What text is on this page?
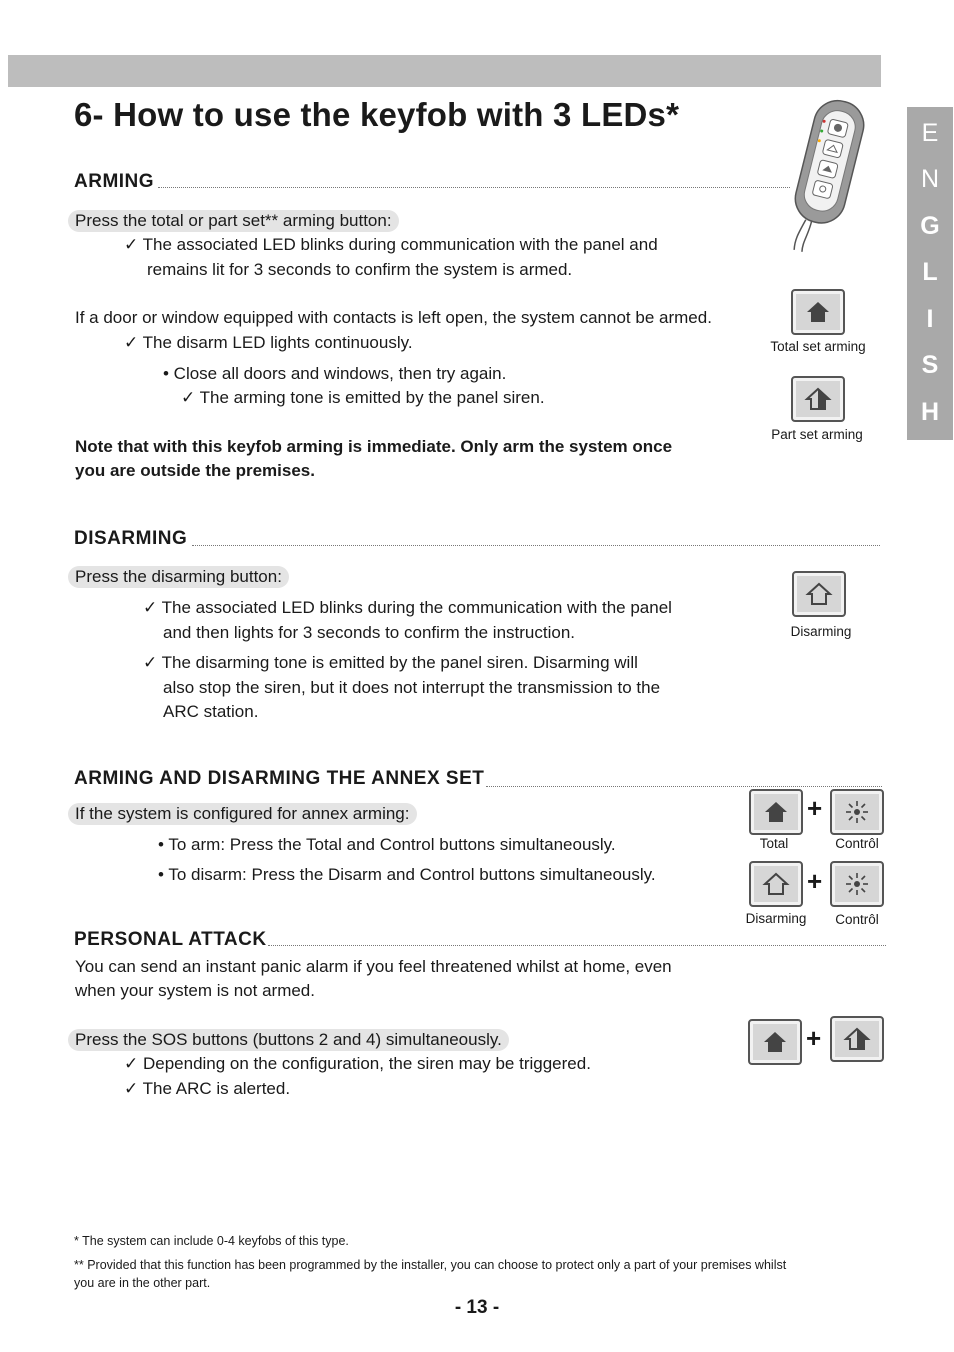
6- How to use the keyfob with 3 LEDs*	E
N
G
L
I
S
H
ARMING
Press the total or part set** arming button:
✓ The associated LED blinks during communication with the panel and
remains lit for 3 seconds to confirm the system is armed.
If a door or window equipped with contacts is left open, the system cannot be armed.
✓ The disarm LED lights continuously.
• Close all doors and windows, then try again.
✓ The arming tone is emitted by the panel siren.
Note that with this keyfob arming is immediate. Only arm the system once
you are outside the premises.
Total set arming
Part set arming
DISARMING
Press the disarming button:
✓ The associated LED blinks during the communication with the panel
and then lights for 3 seconds to confirm the instruction.
✓ The disarming tone is emitted by the panel siren. Disarming will
also stop the siren, but it does not interrupt the transmission to the
ARC station.
Disarming
ARMING AND DISARMING THE ANNEX SET
If the system is configured for annex arming:
• To arm: Press the Total and Control buttons simultaneously.
• To disarm: Press the Disarm and Control buttons simultaneously.
+
Total	Contrôl
+
Disarming	Contrôl
PERSONAL ATTACK
You can send an instant panic alarm if you feel threatened whilst at home, even
when your system is not armed.
Press the SOS buttons (buttons 2 and 4) simultaneously.
✓ Depending on the configuration, the siren may be triggered.
✓ The ARC is alerted.
+
* The system can include 0-4 keyfobs of this type.
** Provided that this function has been programmed by the installer, you can choose to protect only a part of your premises whilst
you are in the other part.
- 13 -
